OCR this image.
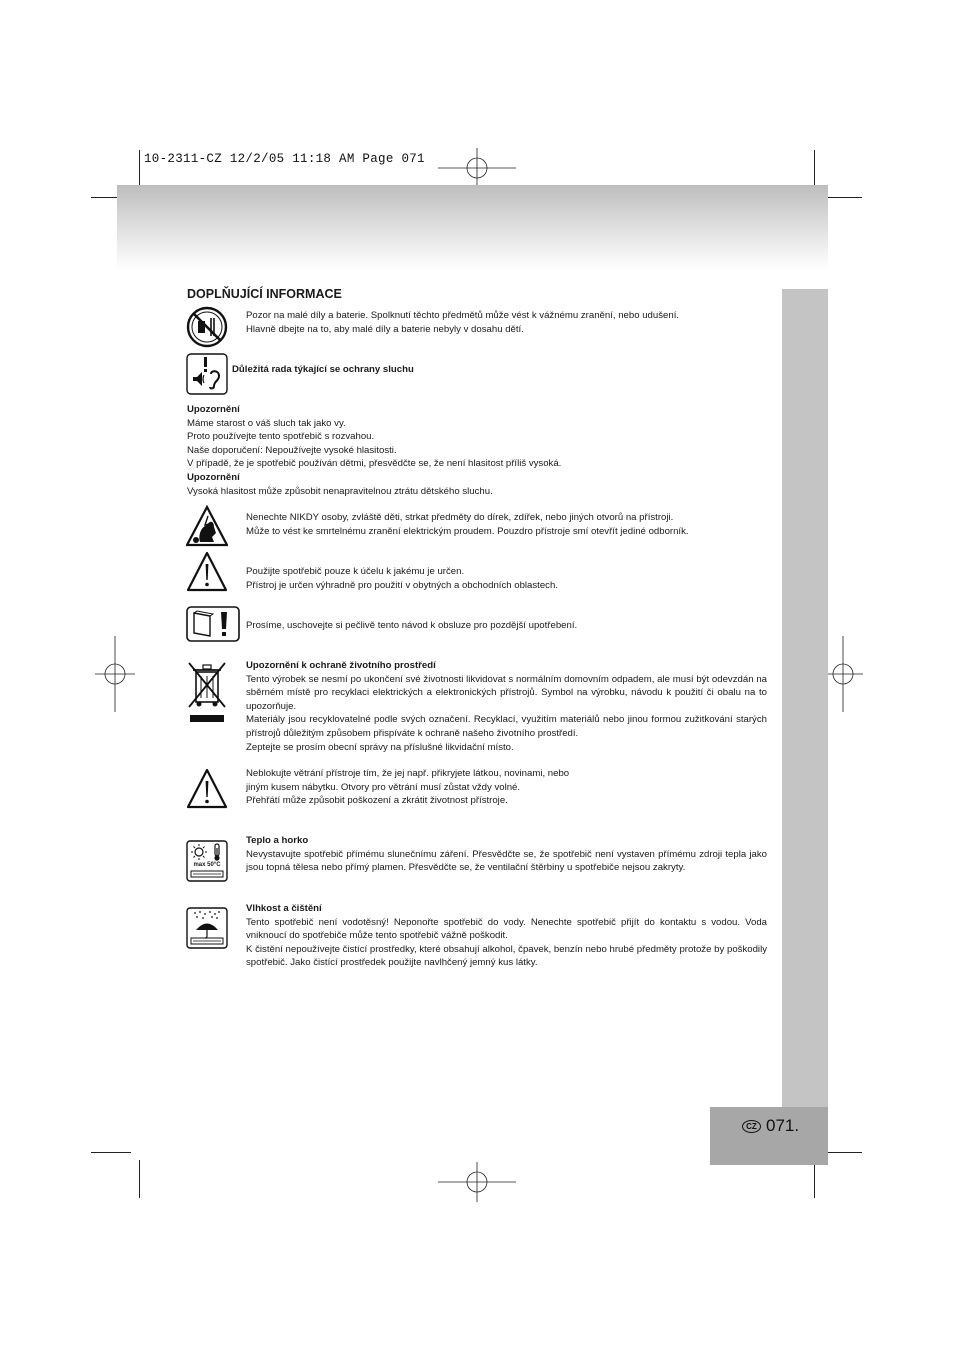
10-2311-CZ 12/2/05 11:18 AM Page 071
CZ 071.
DOPLŇUJÍCÍ INFORMACE

Pozor na malé díly a baterie. Spolknutí těchto předmětů může vést k vážnému zranění, nebo udušení.

Hlavně dbejte na to, aby malé díly a baterie nebyly v dosahu dětí.

Důležitá rada týkající se ochrany sluchu

Upozornění

Máme starost o váš sluch tak jako vy.

Proto používejte tento spotřebič s rozvahou.

Naše doporučení: Nepoužívejte vysoké hlasitosti.

V případě, že je spotřebič používán dětmi, přesvědčte se, že není hlasitost příliš vysoká.

Upozornění

Vysoká hlasitost může způsobit nenapravitelnou ztrátu dětského sluchu.

Nenechte NIKDY osoby, zvláště děti, strkat předměty do dírek, zdířek, nebo jiných otvorů na přístroji.

Může to vést ke smrtelnému zranění elektrickým proudem. Pouzdro přístroje smí otevřít jediné odborník.

Použijte spotřebič pouze k účelu k jakému je určen.

Přístroj je určen výhradně pro použití v obytných a obchodních oblastech.

Prosíme, uschovejte si pečlivě tento návod k obsluze pro pozdější upotřebení.

Upozornění k ochraně životního prostředí

Tento výrobek se nesmí po ukončení své životnosti likvidovat s normálním domovním odpadem, ale musí být odevzdán na sběrném místě pro recyklaci elektrických a elektronických přístrojů. Symbol na výrobku, návodu k použití či obalu na to upozorňuje.

Materiály jsou recyklovatelné podle svých označení. Recyklací, využitím materiálů nebo jinou formou zužitkování starých přístrojů důležitým způsobem přispíváte k ochraně našeho životního prostředí.

Zeptejte se prosím obecní správy na příslušné likvidační místo.

Neblokujte větrání přístroje tím, že jej např. přikryjete látkou, novinami, nebo

jiným kusem nábytku. Otvory pro větrání musí zůstat vždy volné.

Přehřátí může způsobit poškození a zkrátit životnost přístroje.

max 50°C

Teplo a horko

Nevystavujte spotřebič přímému slunečnímu záření. Přesvědčte se, že spotřebič není vystaven přímému zdroji tepla jako jsou topná tělesa nebo přímý plamen. Přesvědčte se, že ventilační štěrbiny u spotřebiče nejsou zakryty.

Vlhkost a čištění

Tento spotřebič není vodotěsný! Neponořte spotřebič do vody. Nenechte spotřebič přijít do kontaktu s vodou. Voda vniknoucí do spotřebiče může tento spotřebič vážně poškodit.

K čistění nepoužívejte čistící prostředky, které obsahují alkohol, čpavek, benzín nebo hrubé předměty protože by poškodily spotřebič. Jako čistící prostředek použijte navlhčený jemný kus látky.
